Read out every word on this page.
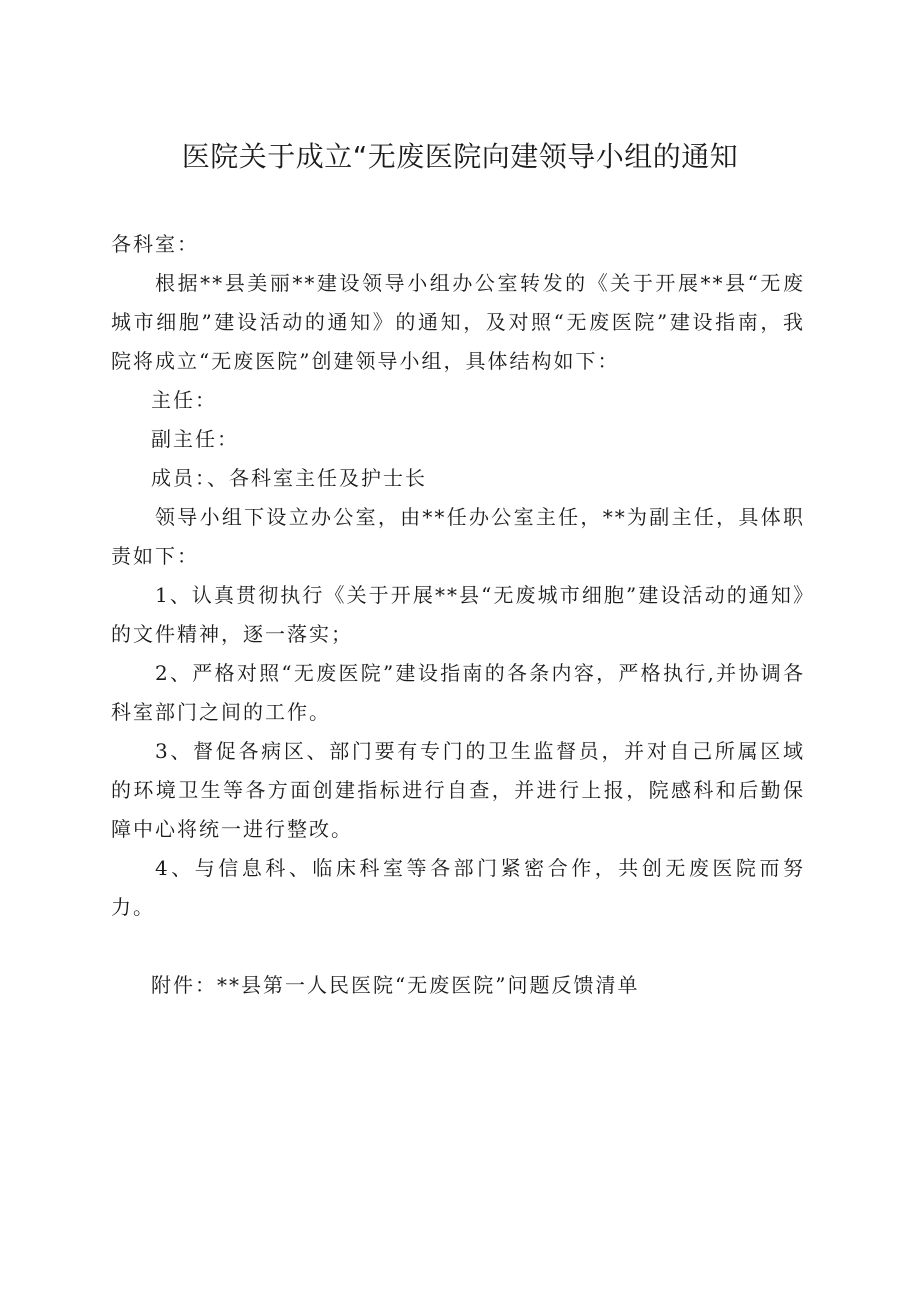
医院关于成立“无废医院向建领导小组的通知

各科室：

根据**县美丽**建设领导小组办公室转发的《关于开展**县“无废城市细胞”建设活动的通知》的通知，及对照“无废医院”建设指南，我院将成立“无废医院”创建领导小组，具体结构如下：

主任：

副主任：

成员：、各科室主任及护士长

领导小组下设立办公室，由**任办公室主任，**为副主任，具体职责如下：

1、认真贯彻执行《关于开展**县“无废城市细胞”建设活动的通知》的文件精神，逐一落实；

2、严格对照“无废医院”建设指南的各条内容，严格执行,并协调各科室部门之间的工作。

3、督促各病区、部门要有专门的卫生监督员，并对自己所属区域的环境卫生等各方面创建指标进行自查，并进行上报，院感科和后勤保障中心将统一进行整改。

4、与信息科、临床科室等各部门紧密合作，共创无废医院而努力。

附件：**县第一人民医院“无废医院”问题反馈清单
